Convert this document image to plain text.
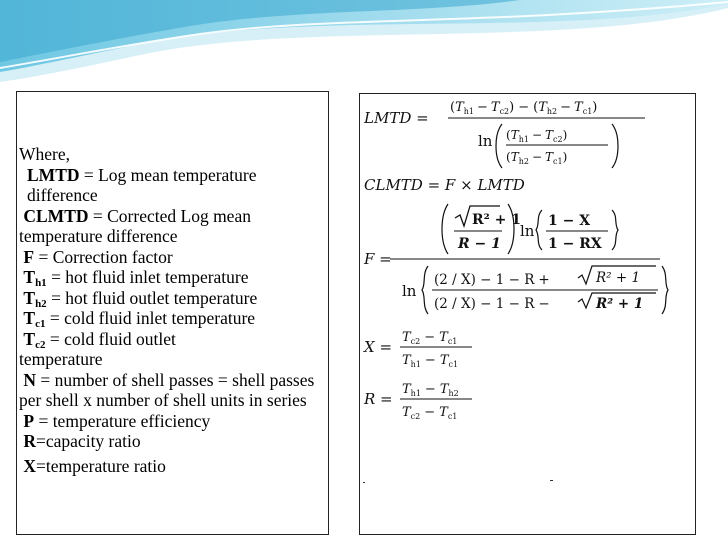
Where,
LMTD = Log mean temperature difference
CLMTD = Corrected Log mean temperature difference
F = Correction factor
$T_{h1}$ = hot fluid inlet temperature
$T_{h2}$ = hot fluid outlet temperature
$T_{c1}$ = cold fluid inlet temperature
$T_{c2}$ = cold fluid outlet temperature
N = number of shell passes = shell passes per shell x number of shell units in series
P = temperature efficiency
R=capacity ratio
X=temperature ratio
LMTD =
$(T_{h1} - T_{c2}) - (T_{h2} - T_{c1})$
$\ln (T_{h1} - T_{c2})$
$(T_{h2} - T_{c1})$
CLMTD = F × LMTD
F =
R² + 1
R − 1
ln
1 − X
1 − RX
ln
(2 / X) − 1 − R +
(2 / X) − 1 − R −
R² + 1
R² + 1
X =
$T_{c2} - T_{c1}$
$T_{h1} - T_{c1}$
R =
$T_{h1} - T_{h2}$
$T_{c2} - T_{c1}$
